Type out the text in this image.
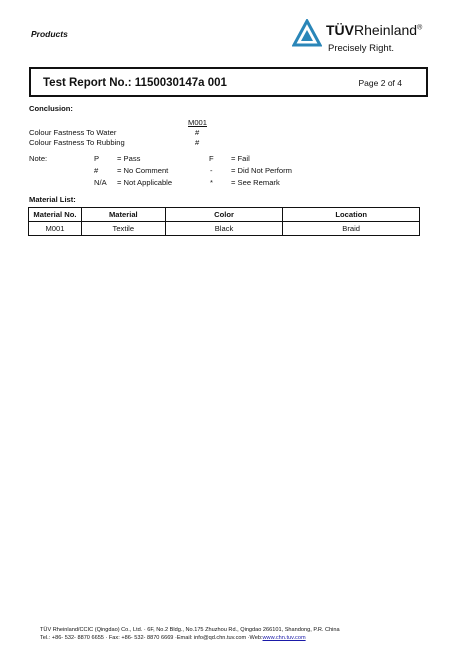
Products	TÜVRheinland®
Precisely Right.
Test Report No.: 1150030147a 001	Page 2 of 4
Conclusion:
M001
Colour Fastness To Water	#
Colour Fastness To Rubbing	#
Note:	P = Pass	F = Fail
# = No Comment	- = Did Not Perform
N/A = Not Applicable	* = See Remark
Material List:
Material No.	Material	Color	Location
M001	Textile	Black	Braid
TÜV Rheinland/CCIC (Qingdao) Co., Ltd. · 6F, No.2 Bldg., No.175 Zhuzhou Rd., Qingdao 266101, Shandong, P.R. China
Tel.: +86- 532- 8870 6655 · Fax: +86- 532- 8870 6669 ·Email: info@qd.chn.tuv.com ·Web:www.chn.tuv.com
